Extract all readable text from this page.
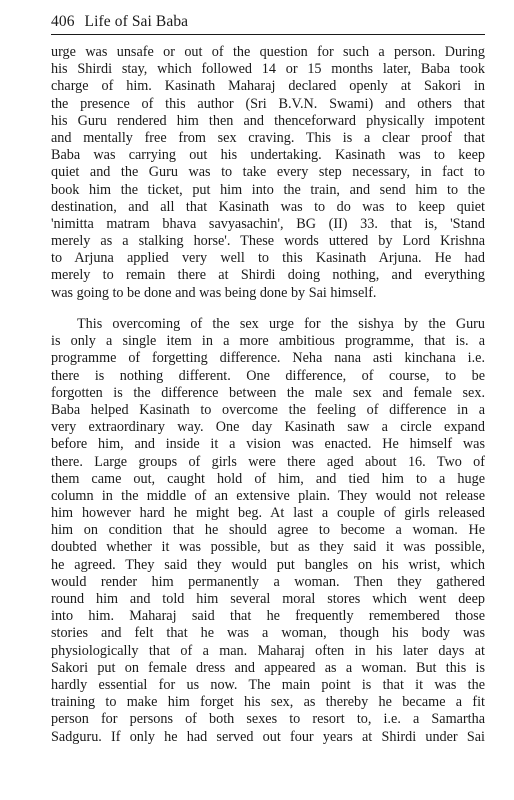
406 Life of Sai Baba
urge was unsafe or out of the question for such a person. During
his Shirdi stay, which followed 14 or 15 months later, Baba took
charge of him. Kasinath Maharaj declared openly at Sakori in
the presence of this author (Sri B.V.N. Swami) and others that
his Guru rendered him then and thenceforward physically impotent
and mentally free from sex craving. This is a clear proof that
Baba was carrying out his undertaking. Kasinath was to keep
quiet and the Guru was to take every step necessary, in fact to
book him the ticket, put him into the train, and send him to the
destination, and all that Kasinath was to do was to keep quiet
'nimitta matram bhava savyasachin', BG (II) 33. that is, 'Stand
merely as a stalking horse'. These words uttered by Lord Krishna
to Arjuna applied very well to this Kasinath Arjuna. He had
merely to remain there at Shirdi doing nothing, and everything
was going to be done and was being done by Sai himself.
This overcoming of the sex urge for the sishya by the Guru
is only a single item in a more ambitious programme, that is. a
programme of forgetting difference. Neha nana asti kinchana i.e.
there is nothing different. One difference, of course, to be
forgotten is the difference between the male sex and female sex.
Baba helped Kasinath to overcome the feeling of difference in a
very extraordinary way. One day Kasinath saw a circle expand
before him, and inside it a vision was enacted. He himself was
there. Large groups of girls were there aged about 16. Two of
them came out, caught hold of him, and tied him to a huge
column in the middle of an extensive plain. They would not release
him however hard he might beg. At last a couple of girls released
him on condition that he should agree to become a woman. He
doubted whether it was possible, but as they said it was possible,
he agreed. They said they would put bangles on his wrist, which
would render him permanently a woman. Then they gathered
round him and told him several moral stores which went deep
into him. Maharaj said that he frequently remembered those
stories and felt that he was a woman, though his body was
physiologically that of a man. Maharaj often in his later days at
Sakori put on female dress and appeared as a woman. But this is
hardly essential for us now. The main point is that it was the
training to make him forget his sex, as thereby he became a fit
person for persons of both sexes to resort to, i.e. a Samartha
Sadguru. If only he had served out four years at Shirdi under Sai
